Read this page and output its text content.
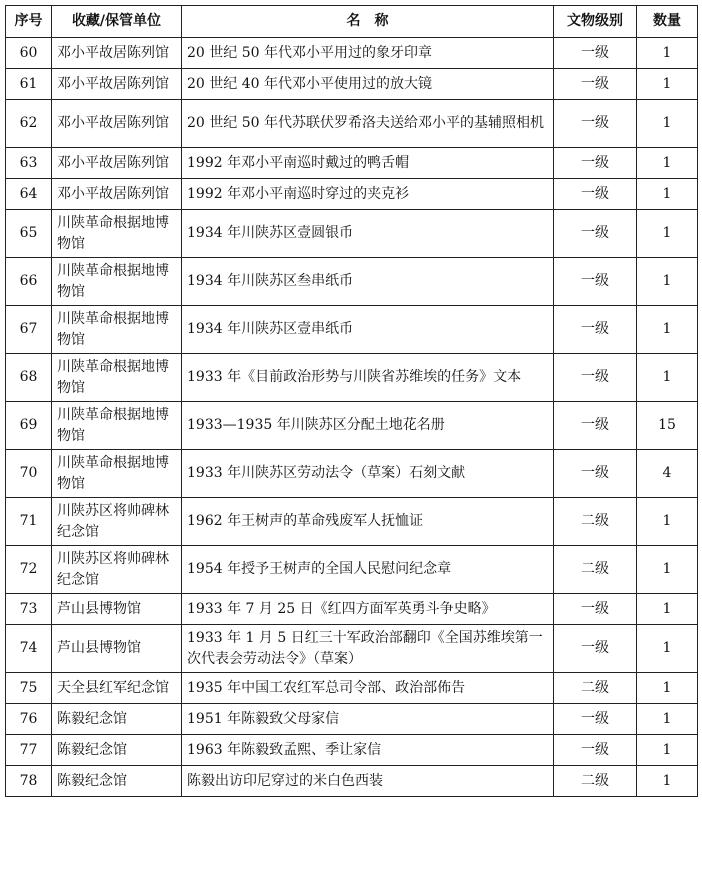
序号	收藏/保管单位	名　称	文物级别	数量
60	邓小平故居陈列馆	20 世纪 50 年代邓小平用过的象牙印章	一级	1
61	邓小平故居陈列馆	20 世纪 40 年代邓小平使用过的放大镜	一级	1
62	邓小平故居陈列馆	20 世纪 50 年代苏联伏罗希洛夫送给邓小平的基辅照相机	一级	1
63	邓小平故居陈列馆	1992 年邓小平南巡时戴过的鸭舌帽	一级	1
64	邓小平故居陈列馆	1992 年邓小平南巡时穿过的夹克衫	一级	1
65	川陕革命根据地博物馆	1934 年川陕苏区壹圆银币	一级	1
66	川陕革命根据地博物馆	1934 年川陕苏区叁串纸币	一级	1
67	川陕革命根据地博物馆	1934 年川陕苏区壹串纸币	一级	1
68	川陕革命根据地博物馆	1933 年《目前政治形势与川陕省苏维埃的任务》文本	一级	1
69	川陕革命根据地博物馆	1933—1935 年川陕苏区分配土地花名册	一级	15
70	川陕革命根据地博物馆	1933 年川陕苏区劳动法令（草案）石刻文献	一级	4
71	川陕苏区将帅碑林纪念馆	1962 年王树声的革命残废军人抚恤证	二级	1
72	川陕苏区将帅碑林纪念馆	1954 年授予王树声的全国人民慰问纪念章	二级	1
73	芦山县博物馆	1933 年 7 月 25 日《红四方面军英勇斗争史略》	一级	1
74	芦山县博物馆	1933 年 1 月 5 日红三十军政治部翻印《全国苏维埃第一次代表会劳动法令》（草案）	一级	1
75	天全县红军纪念馆	1935 年中国工农红军总司令部、政治部佈告	二级	1
76	陈毅纪念馆	1951 年陈毅致父母家信	一级	1
77	陈毅纪念馆	1963 年陈毅致孟熙、季让家信	一级	1
78	陈毅纪念馆	陈毅出访印尼穿过的米白色西装	二级	1
